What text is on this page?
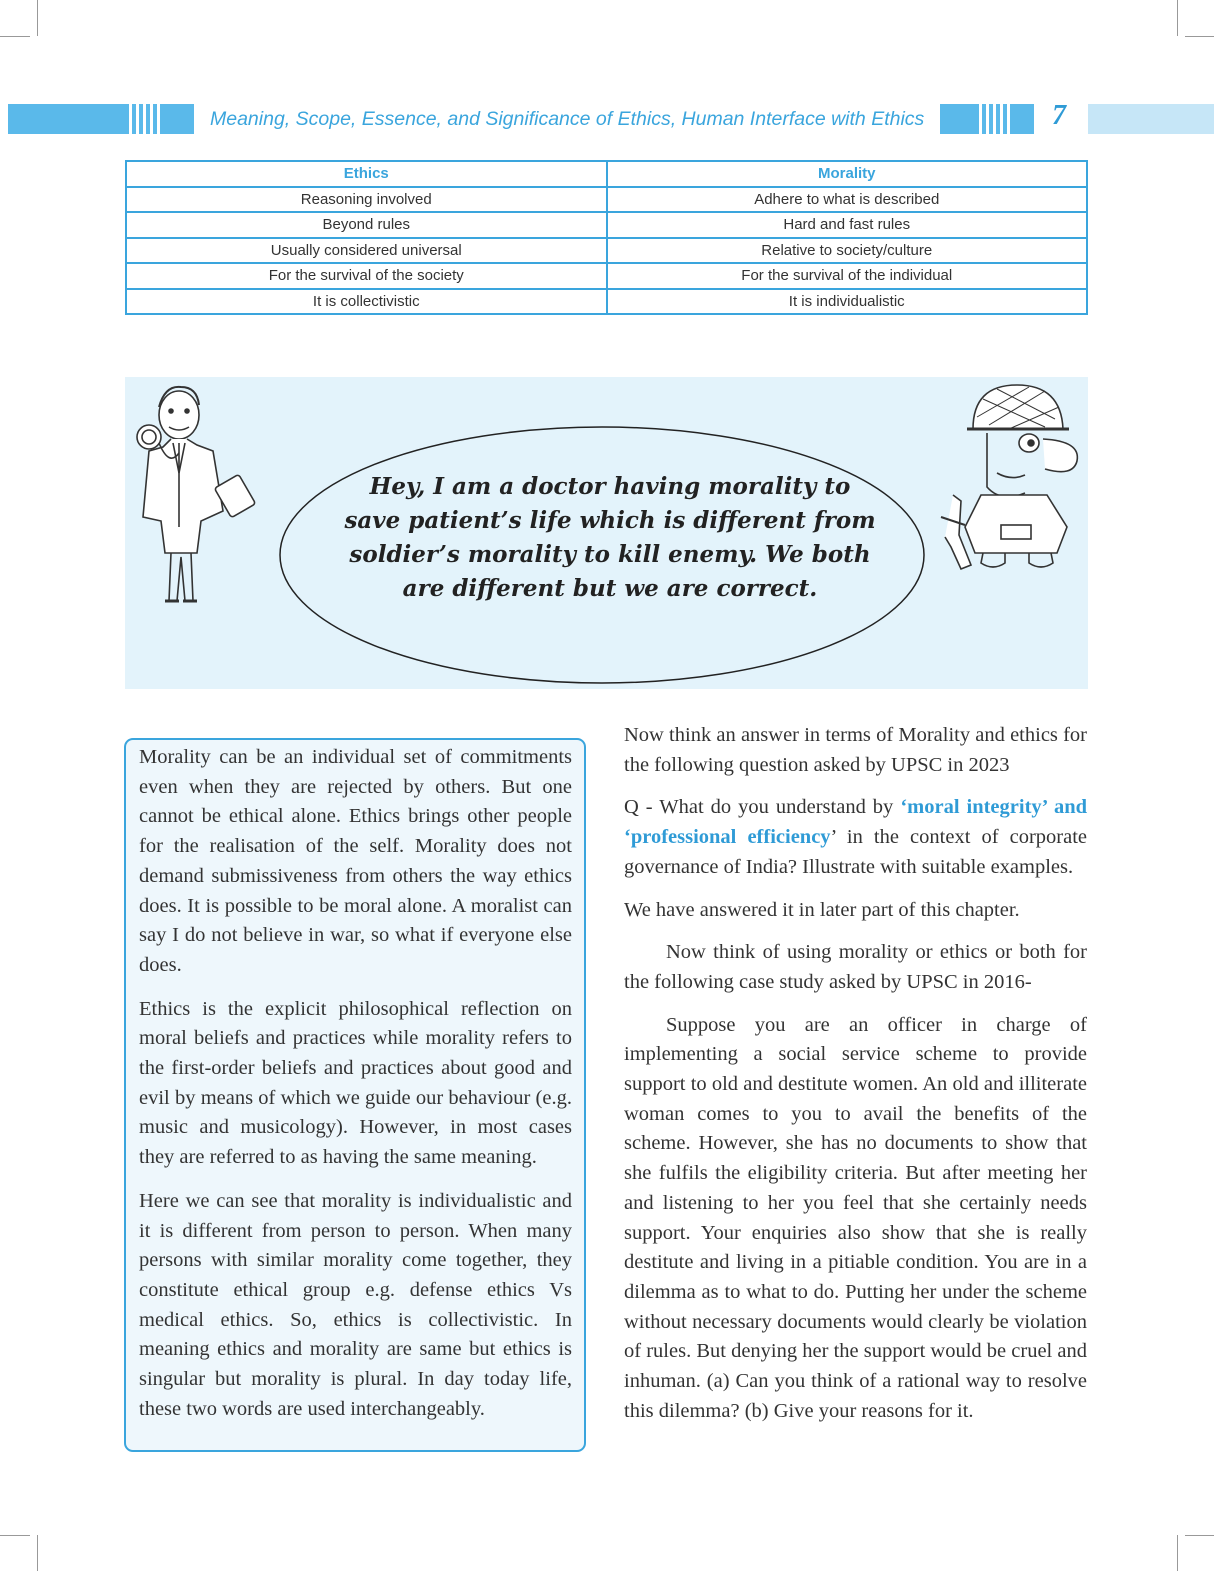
Meaning, Scope, Essence, and Significance of Ethics, Human Interface with Ethics	7
Ethics	Morality
Reasoning involved	Adhere to what is described
Beyond rules	Hard and fast rules
Usually considered universal	Relative to society/culture
For the survival of the society	For the survival of the individual
It is collectivistic	It is individualistic
Hey, I am a doctor having morality to save patient’s life which is different from soldier’s morality to kill enemy. We both are different but we are correct.

Morality can be an individual set of commitments even when they are rejected by others. But one cannot be ethical alone. Ethics brings other people for the realisation of the self. Morality does not demand submissiveness from others the way ethics does. It is possible to be moral alone. A moralist can say I do not believe in war, so what if everyone else does.

Ethics is the explicit philosophical reflection on moral beliefs and practices while morality refers to the first-order beliefs and practices about good and evil by means of which we guide our behaviour (e.g. music and musicology). However, in most cases they are referred to as having the same meaning.

Here we can see that morality is individualistic and it is different from person to person. When many persons with similar morality come together, they constitute ethical group e.g. defense ethics Vs medical ethics. So, ethics is collectivistic. In meaning ethics and morality are same but ethics is singular but morality is plural. In day today life, these two words are used interchangeably.

Now think an answer in terms of Morality and ethics for the following question asked by UPSC in 2023

Q - What do you understand by ‘moral integrity’ and ‘professional efficiency’ in the context of corporate governance of India? Illustrate with suitable examples.

We have answered it in later part of this chapter.

Now think of using morality or ethics or both for the following case study asked by UPSC in 2016-

Suppose you are an officer in charge of implementing a social service scheme to provide support to old and destitute women. An old and illiterate woman comes to you to avail the benefits of the scheme. However, she has no documents to show that she fulfils the eligibility criteria. But after meeting her and listening to her you feel that she certainly needs support. Your enquiries also show that she is really destitute and living in a pitiable condition. You are in a dilemma as to what to do. Putting her under the scheme without necessary documents would clearly be violation of rules. But denying her the support would be cruel and inhuman. (a) Can you think of a rational way to resolve this dilemma? (b) Give your reasons for it.
